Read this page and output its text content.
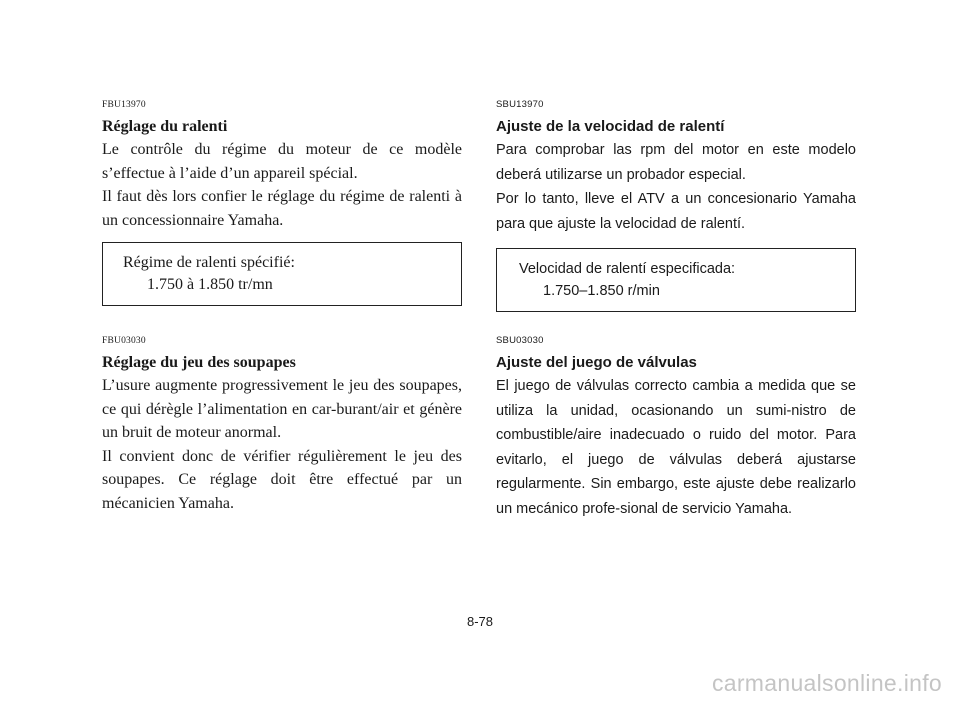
FBU13970
Réglage du ralenti

Le contrôle du régime du moteur de ce modèle s’effectue à l’aide d’un appareil spécial.

Il faut dès lors confier le réglage du régime de ralenti à un concessionnaire Yamaha.

Régime de ralenti spécifié:
1.750 à 1.850 tr/mn
FBU03030
Réglage du jeu des soupapes

L’usure augmente progressivement le jeu des soupapes, ce qui dérègle l’alimentation en car-burant/air et génère un bruit de moteur anormal.

Il convient donc de vérifier régulièrement le jeu des soupapes. Ce réglage doit être effectué par un mécanicien Yamaha.

SBU13970
Ajuste de la velocidad de ralentí

Para comprobar las rpm del motor en este modelo deberá utilizarse un probador especial.

Por lo tanto, lleve el ATV a un concesionario Yamaha para que ajuste la velocidad de ralentí.

Velocidad de ralentí especificada:
1.750–1.850 r/min
SBU03030
Ajuste del juego de válvulas

El juego de válvulas correcto cambia a medida que se utiliza la unidad, ocasionando un sumi-nistro de combustible/aire inadecuado o ruido del motor. Para evitarlo, el juego de válvulas deberá ajustarse regularmente. Sin embargo, este ajuste debe realizarlo un mecánico profe-sional de servicio Yamaha.

8-78
carmanualsonline.info
